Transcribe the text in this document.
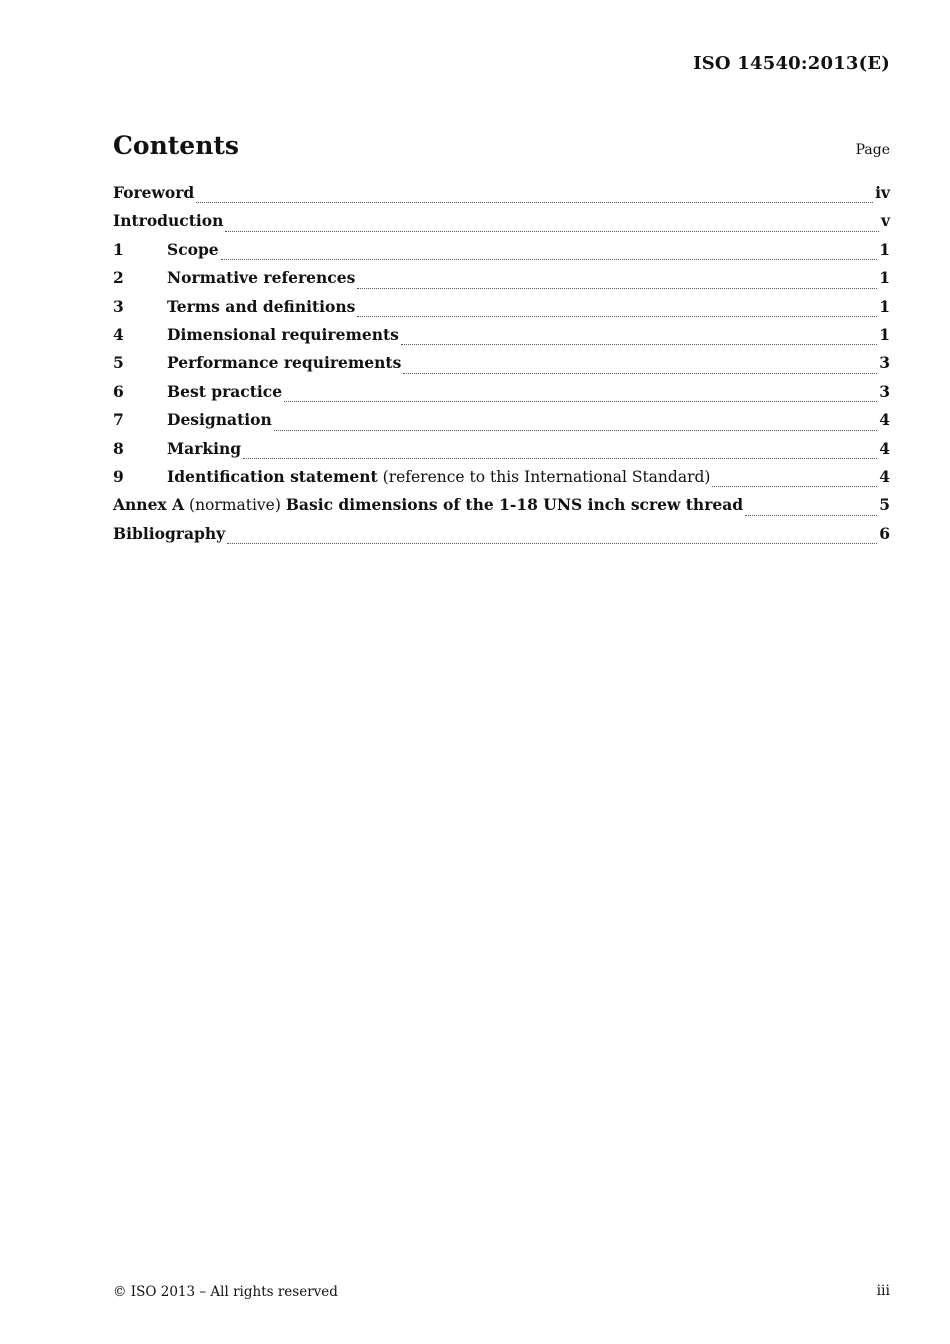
ISO 14540:2013(E)
Contents	Page
Foreword	iv
Introduction	v
1	Scope	1
2	Normative references	1
3	Terms and definitions	1
4	Dimensional requirements	1
5	Performance requirements	3
6	Best practice	3
7	Designation	4
8	Marking	4
9	Identification statement (reference to this International Standard)	4
Annex A (normative) Basic dimensions of the 1-18 UNS inch screw thread	5
Bibliography	6
© ISO 2013 – All rights reserved	iii
